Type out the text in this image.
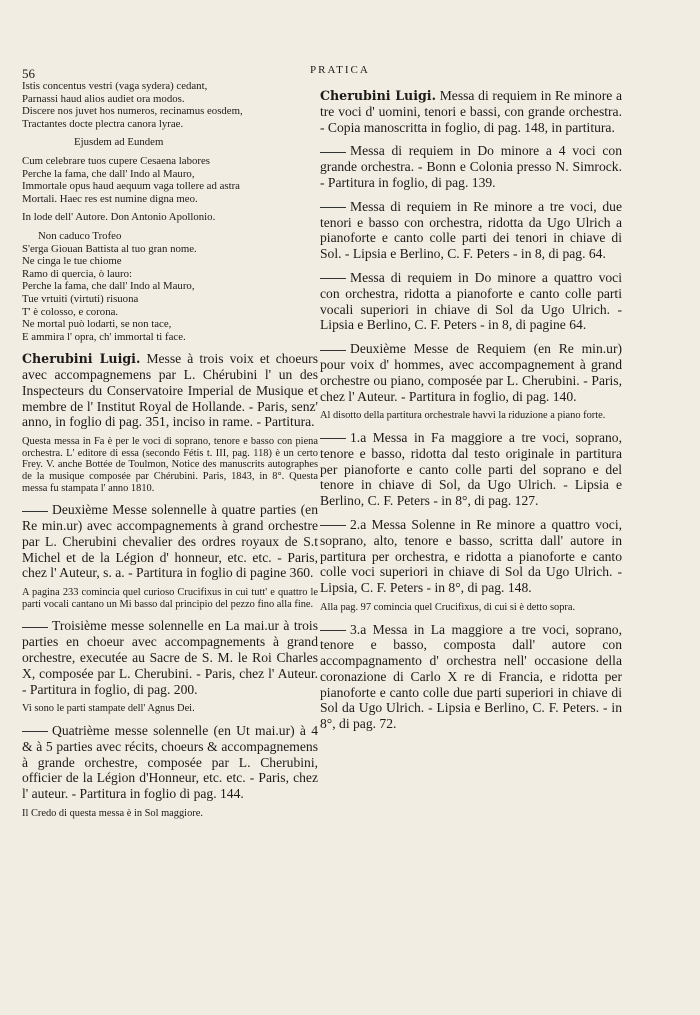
56	PRATICA
Istis concentus vestri (vaga sydera) cedant,
Parnassi haud alios audiet ora modos.
Discere nos juvet hos numeros, recinamus eosdem,
Tractantes docte plectra canora lyrae.
Ejusdem ad Eundem
Cum celebrare tuos cupere Cesaena labores
Perche la fama, che dall' Indo al Mauro,
Immortale opus haud aequum vaga tollere ad astra
Mortali. Haec res est numine digna meo.
In lode dell' Autore. Don Antonio Apollonio.
Non caduco Trofeo
S'erga Giouan Battista al tuo gran nome.
Ne cinga le tue chiome
Ramo di quercia, ò lauro:
Perche la fama, che dall' Indo al Mauro,
Tue vrtuiti (virtuti) risuona
T' è colosso, e corona.
Ne mortal può lodarti, se non tace,
E ammira l' opra, ch' immortal ti face.
Cherubini Luigi. Messe à trois voix et choeurs avec accompagnemens par L. Chérubini l' un des Inspecteurs du Conservatoire Imperial de Musique et membre de l' Institut Royal de Hollande. - Paris, senz' anno, in foglio di pag. 351, inciso in rame. - Partitura.
Questa messa in Fa è per le voci di soprano, tenore e basso con piena orchestra. L' editore di essa (secondo Fétis t. III, pag. 118) è un certo Frey. V. anche Bottée de Toulmon, Notice des manuscrits autographes de la musique composée par Chérubini. Paris, 1843, in 8°. Questa messa fu stampata l' anno 1810.
Deuxième Messe solennelle à quatre parties (en Re min.ur) avec accompagnements à grand orchestre par L. Cherubini chevalier des ordres royaux de S.t Michel et de la Légion d' honneur, etc. etc. - Paris, chez l' Auteur, s. a. - Partitura in foglio di pagine 360.
A pagina 233 comincia quel curioso Crucifixus in cui tutt' e quattro le parti vocali cantano un Mi basso dal principio del pezzo fino alla fine.
Troisième messe solennelle en La mai.ur à trois parties en choeur avec accompagnements à grand orchestre, executée au Sacre de S. M. le Roi Charles X, composée par L. Cherubini. - Paris, chez l' Auteur. - Partitura in foglio, di pag. 200.
Vi sono le parti stampate dell' Agnus Dei.
Quatrième messe solennelle (en Ut mai.ur) à 4 & à 5 parties avec récits, choeurs & accompagnemens à grande orchestre, composée par L. Cherubini, officier de la Légion d'Honneur, etc. etc. - Paris, chez l' auteur. - Partitura in foglio di pag. 144.
Il Credo di questa messa è in Sol maggiore.
Cherubini Luigi. Messa di requiem in Re minore a tre voci d' uomini, tenori e bassi, con grande orchestra. - Copia manoscritta in foglio, di pag. 148, in partitura.
Messa di requiem in Do minore a 4 voci con grande orchestra. - Bonn e Colonia presso N. Simrock. - Partitura in foglio, di pag. 139.
Messa di requiem in Re minore a tre voci, due tenori e basso con orchestra, ridotta da Ugo Ulrich a pianoforte e canto colle parti dei tenori in chiave di Sol. - Lipsia e Berlino, C. F. Peters - in 8, di pag. 64.
Messa di requiem in Do minore a quattro voci con orchestra, ridotta a pianoforte e canto colle parti vocali superiori in chiave di Sol da Ugo Ulrich. - Lipsia e Berlino, C. F. Peters - in 8, di pagine 64.
Deuxième Messe de Requiem (en Re min.ur) pour voix d' hommes, avec accompagnement à grand orchestre ou piano, composée par L. Cherubini. - Paris, chez l' Auteur. - Partitura in foglio, di pag. 140.
Al disotto della partitura orchestrale havvi la riduzione a piano forte.
1.a Messa in Fa maggiore a tre voci, soprano, tenore e basso, ridotta dal testo originale in partitura per pianoforte e canto colle parti del soprano e del tenore in chiave di Sol, da Ugo Ulrich. - Lipsia e Berlino, C. F. Peters - in 8°, di pag. 127.
2.a Messa Solenne in Re minore a quattro voci, soprano, alto, tenore e basso, scritta dall' autore in partitura per orchestra, e ridotta a pianoforte e canto colle voci superiori in chiave di Sol da Ugo Ulrich. - Lipsia, C. F. Peters - in 8°, di pag. 148.
Alla pag. 97 comincia quel Crucifixus, di cui si è detto sopra.
3.a Messa in La maggiore a tre voci, soprano, tenore e basso, composta dall' autore con accompagnamento d' orchestra nell' occasione della coronazione di Carlo X re di Francia, e ridotta per pianoforte e canto colle due parti superiori in chiave di Sol da Ugo Ulrich. - Lipsia e Berlino, C. F. Peters. - in 8°, di pag. 72.
